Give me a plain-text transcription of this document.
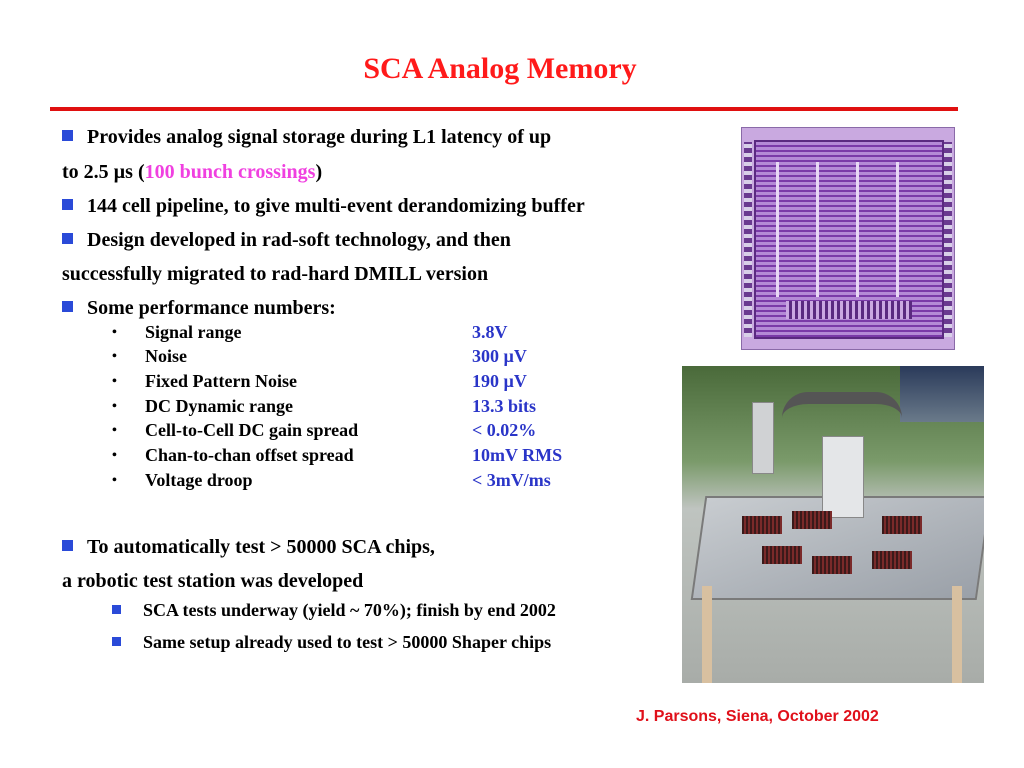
SCA Analog Memory
Provides analog signal storage during L1 latency of up
to 2.5 µs (100 bunch crossings)
144 cell pipeline, to give multi-event derandomizing buffer
Design developed in rad-soft technology, and then
successfully migrated to rad-hard DMILL version
Some performance numbers:
• Signal range	3.8V
• Noise	300 µV
• Fixed Pattern Noise	190 µV
• DC Dynamic range	13.3 bits
• Cell-to-Cell DC gain spread	< 0.02%
• Chan-to-chan offset spread	10mV RMS
• Voltage droop	< 3mV/ms
To automatically test > 50000 SCA chips,
a robotic test station was developed
SCA tests underway (yield ~ 70%); finish by end 2002
Same setup already used to test > 50000 Shaper chips
J. Parsons, Siena, October 2002
